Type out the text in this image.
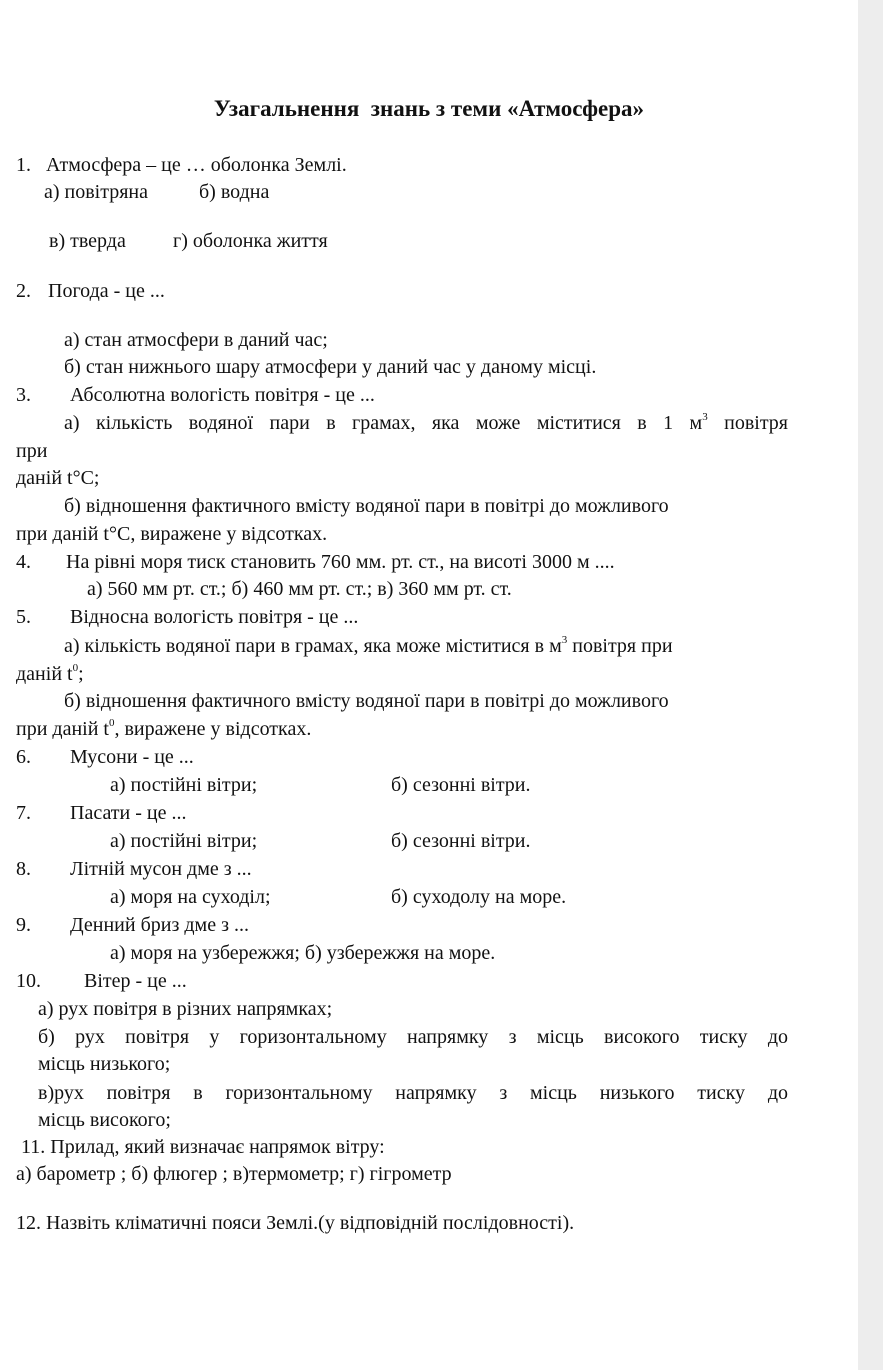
Узагальнення  знань з теми «Атмосфера»
1. Атмосфера – це … оболонка Землі.
а) повітряна	б) водна
в) тверда г) оболонка життя
2. Погода - це ...
а) стан атмосфери в даний час;
б) стан нижнього шару атмосфери у даний час у даному місці.
3. Абсолютна вологість повітря - це ...
а) кількість водяної пари в грамах, яка може міститися в 1 $м^3$ повітря
при
даній t°С;
б) відношення фактичного вмісту водяної пари в повітрі до можливого
при даній t°С, виражене у відсотках.
4. На рівні моря тиск становить 760 мм. рт. ст., на висоті 3000 м ....
а) 560 мм рт. ст.; б) 460 мм рт. ст.; в) 360 мм рт. ст.
5. Відносна вологість повітря - це ...
а) кількість водяної пари в грамах, яка може міститися в $м^3$ повітря при
даній $t^0$;
б) відношення фактичного вмісту водяної пари в повітрі до можливого
при даній $t^0$, виражене у відсотках.
6. Мусони - це ...
а) постійні вітри;	б) сезонні вітри.
7. Пасати - це ...
а) постійні вітри;	б) сезонні вітри.
8. Літній мусон дме з ...
а) моря на суходіл;	б) суходолу на море.
9. Денний бриз дме з ...
а) моря на узбережжя; б) узбережжя на море.
10. Вітер - це ...
а) рух повітря в різних напрямках;
б) рух повітря у горизонтальному напрямку з місць високого тиску до
місць низького;
в)рух повітря в горизонтальному напрямку з місць низького тиску до
місць високого;
11. Прилад, який визначає напрямок вітру:
а) барометр ; б) флюгер ; в)термометр; г) гігрометр
12. Назвіть кліматичні пояси Землі.(у відповідній послідовності).
